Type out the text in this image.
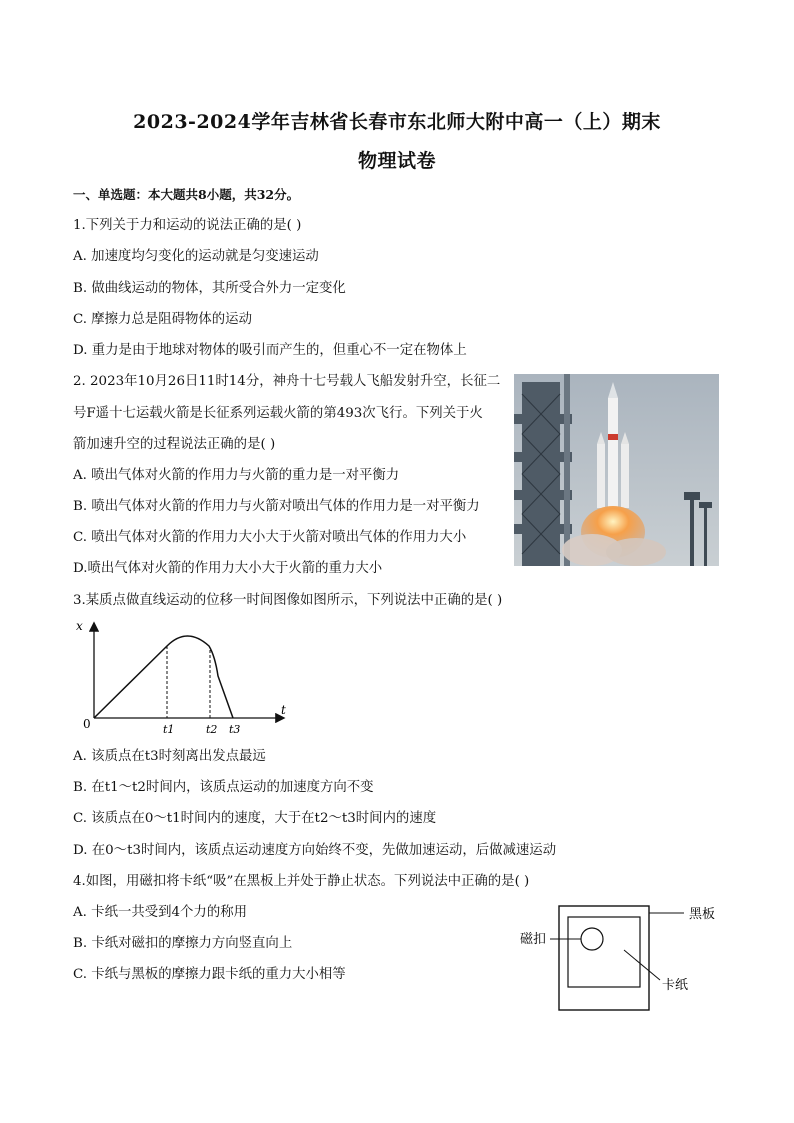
2023-2024学年吉林省长春市东北师大附中高一（上）期末
物理试卷
一、单选题：本大题共8小题，共32分。
1.下列关于力和运动的说法正确的是( )
A. 加速度均匀变化的运动就是匀变速运动
B. 做曲线运动的物体，其所受合外力一定变化
C. 摩擦力总是阻碍物体的运动
D. 重力是由于地球对物体的吸引而产生的，但重心不一定在物体上
2. 2023年10月26日11时14分，神舟十七号载人飞船发射升空，长征二
号F遥十七运载火箭是长征系列运载火箭的第493次飞行。下列关于火
箭加速升空的过程说法正确的是( )
A. 喷出气体对火箭的作用力与火箭的重力是一对平衡力
B. 喷出气体对火箭的作用力与火箭对喷出气体的作用力是一对平衡力
C. 喷出气体对火箭的作用力大小大于火箭对喷出气体的作用力大小
D.喷出气体对火箭的作用力大小大于火箭的重力大小
3.某质点做直线运动的位移一时间图像如图所示，下列说法中正确的是( )
x
t
0	t1	t2 t3
A. 该质点在t3时刻离出发点最远
B. 在t1～t2时间内，该质点运动的加速度方向不变
C. 该质点在0～t1时间内的速度，大于在t2～t3时间内的速度
D. 在0～t3时间内，该质点运动速度方向始终不变，先做加速运动，后做减速运动
4.如图，用磁扣将卡纸“吸”在黑板上并处于静止状态。下列说法中正确的是( )
A. 卡纸一共受到4个力的称用
B. 卡纸对磁扣的摩擦力方向竖直向上
C. 卡纸与黑板的摩擦力跟卡纸的重力大小相等
黑板
磁扣
卡纸
